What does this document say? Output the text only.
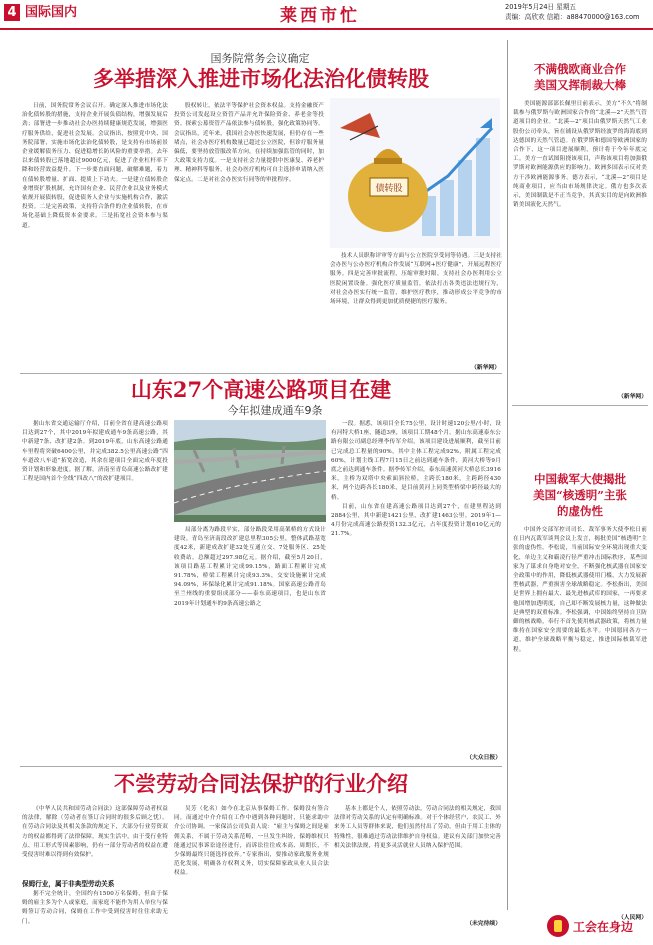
4 国际国内	莱西市忙	2019年5月24日 星期五
责编：高欣欢 信箱：a88470000@163.com
国务院常务会议确定
多举措深入推进市场化法治化债转股

日前，国务院常务会议召开。确定深入推进市场化法治化债转股的措施，支持企业开展负债结构，增强发展后劲；部署进一步推动社会办医持续健康规范发展，增强医疗服务供给，促进社会发展。会议指出，按照党中央、国务院部署，实施市场化法治化债转股，是支持有市场前景企业缓解债务压力、促进稳增长防风险的重要举措。去年以来债转股已落地超过9000亿元，促进了企业杠杆率下降和经营效益提升。下一步要直面问题，破解难题，着力在债转股增量、扩面、提质上下功夫。一是建立债转股企业增资扩股机制，允许国有企业、民营企业以及业务模式依规开展债转股，促进债务人企业与实施机构合作，激活投资。二是完善政策，支持符合条件的企业债转股，在市场化基础上降低资本金要求。三是拓宽社会资本参与渠道。

股权转让，依法平等保护社会资本权益。支持金融资产投资公司发起设立资管产品并允许保险资金、养老金等投资。探索公募资管产品依法参与债转股，强化政策协同等。会议指出，近年来，我国社会办医快速发展，但仍存在一些堵点，社会办医疗机构数量已超过公立医院，但诊疗服务量偏低，要坚持放管服改革方向，在持续加强监管的同时，加大政策支持力度。一是支持社会力量提供中医康复、养老护理、精神科等服务，社会办医疗机构可自主选择申请纳入医保定点。二是对社会办医实行同等的审批程序。

债转股

技术人员职称评审等方面与公立医院享受同等待遇。三是支持社会办医与公办医疗机构合作发展“互联网+医疗健康”，开展远程医疗服务。四是完善审批流程，压缩审批时限。支持社会办医利用公立医院闲置设备。强化医疗质量监管，依法打击各类违法违规行为，对社会办医实行统一监管，维护医疗秩序，推动形成公平竞争的市场环境，让群众得到更加优质便捷的医疗服务。

（新华网）
山东27个高速公路项目在建
今年拟建成通车9条

据山东省交通运输厅介绍，目前全省在建高速公路项目达到27个，其中2019年拟建成通车9条高速公路，其中新建7条、改扩建2条。到2019年底，山东高速公路通车里程将突破6400公里，并完成382.5公里高速公路“四车道改八车道”拓宽改造，其余在建项目全面完成年度投资计划和形象进度。据了解，济南至青岛高速公路改扩建工程是国内首个全线“四改八”的改扩建项目。

局部分离为路段平实，部分路段采用高架桥的方式设计建设。青岛至济南段改扩建总里程305公里，整体武路基宽度42米，新建成改扩建32处互通立交、7处服务区、25处收费站。总额超过297.98亿元。据介绍，截至5月20日，该项目路基工程累计完成99.15%，路面工程累计完成91.78%，桥梁工程累计完成93.3%，交安设施累计完成94.09%，环保绿化累计完成91.18%。国家高速公路青岛至兰州线的重要组成部分——泰东高速项目，也是山东省2019年计划通车的9条高速公路之

一段。据悉，该项目全长75公里，设计时速120公里/小时，设有河特大桥1座，隧道3座，该项目工期48个月。据山东高速泰东公路有限公司副总经理李传军介绍，该项目建设进展顺利，截至目前已完成总工程量的90%，其中主体工程完成92%，附属工程完成60%，计划主线工程7月15日之前达到通车条件，黄河大桥等9月底之前达到通车条件。据李传军介绍，泰东高速黄河大桥总长3916米，主桥为双塔中央索面斜拉桥，主跨长180米，主跨跨径430米，两个边跨各长180米，是目前黄河上同类型桥梁中跨径最大的桥。

目前，山东省在建高速公路项目达到27个，在建里程达到2884公里，其中新建1421公里，改扩建1463公里。2019年1—4月份完成高速公路投资132.3亿元，占年度投资计划610亿元的21.7%。

（大众日报）
不尝劳动合同法保护的行业介绍

《中华人民共和国劳动合同法》这部保障劳动者权益的法律，解除（劳动者在签订合同时的很多后顾之忧）。在劳动合同法及其相关条款的规定下，大部分行业劳资双方的权益都得到了法律保障。现实生活中，由于受行业特点、用工形式等因素影响，仍有一部分劳动者的权益在遭受侵害时难以得到有效保护。

保姆行业，属于非典型劳动关系

据不完全统计，全国约有1500万名保姆，但由于保姆的雇主多为个人或家庭，而家庭不能作为用人单位与保姆签订劳动合同，保姆在工作中受到侵害时往往求助无门。

吴芳（化名）如今在北京从事保姆工作。保姆没有签合同，而通过中介介绍在工作中遇到各种问题时，只能求助中介公司协调。一家保洁公司负责人说：“雇主与保姆之间是雇佣关系，不属于劳动关系范畴，一旦发生纠纷，保姆维权只能通过民事诉讼途径进行，而诉讼往往成本高、周期长，不少保姆最终只能选择放弃。”专家指出，要推动家政服务业规范化发展，明确各方权利义务，切实保障家政从业人员合法权益。

基本上都是个人，依照劳动法，劳动合同法的相关规定，我国法律对劳动关系的认定有明确标准。对于个体经营户、农民工、外来务工人员等群体来说，他们虽然付出了劳动，但由于用工主体的特殊性，很难通过劳动法律维护自身权益。建议有关部门加快完善相关法律法规，将更多灵活就业人员纳入保护范围。

（未完待续）
不满俄欧商业合作
美国又挥制裁大棒

美国能源部部长佩里日前表示，美方“不久”将制裁参与俄罗斯与欧洲国家合作的“北溪—2”天然气管道项目的企业。“北溪—2”项目由俄罗斯天然气工业股份公司牵头，旨在铺设从俄罗斯经波罗的海海底到达德国的天然气管道。在俄罗斯和德国等欧洲国家的合作下，这一项目进展顺利，预计将于今年年底完工。美方一直试图阻挠该项目，声称该项目将加强俄罗斯对欧洲能源供应的影响力。欧洲多国表示反对美方干涉欧洲能源事务。德方表示，“北溪—2”项目是纯商业项目，应当由市场规律决定。俄方也多次表示，美国制裁是不正当竞争，其真实目的是向欧洲推销美国液化天然气。

（新华网）
中国裁军大使揭批
美国“核透明”主张
的虚伪性

中国外交部军控司司长、裁军事务大使李松日前在日内瓦裁军谈判会议上发言，揭批美国“核透明”主张的虚伪性。李松说，当前国际安全环境出现重大变化，单边主义和霸凌行径严重冲击国际秩序，某些国家为了谋求自身绝对安全，不断强化核武器在国家安全政策中的作用，降低核武器使用门槛，大力发展新型核武器，严重损害全球战略稳定。李松指出，美国是世界上拥有最大、最先进核武库的国家，一再要求他国增加透明度，自己却不断发展核力量，这种做法是典型的双重标准。李松强调，中国始终坚持自卫防御的核战略，奉行不首先使用核武器政策，将核力量维持在国家安全需要的最低水平。中国愿同各方一道，维护全球战略平衡与稳定，推进国际核裁军进程。

（人民网）
工会在身边
